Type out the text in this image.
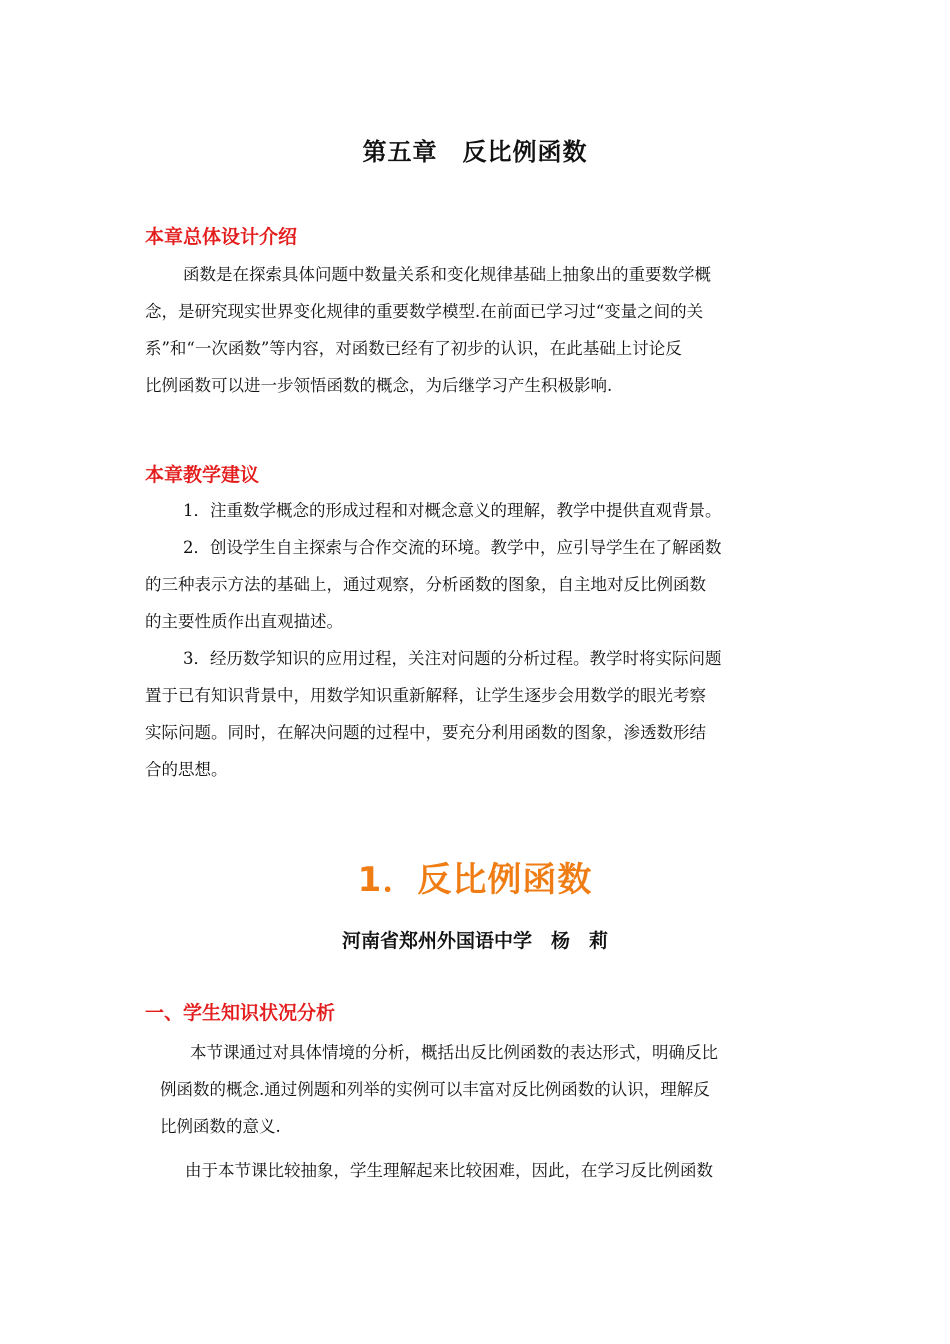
第五章　反比例函数
本章总体设计介绍
函数是在探索具体问题中数量关系和变化规律基础上抽象出的重要数学概
念，是研究现实世界变化规律的重要数学模型.在前面已学习过“变量之间的关
系”和“一次函数”等内容，对函数已经有了初步的认识，在此基础上讨论反
比例函数可以进一步领悟函数的概念，为后继学习产生积极影响.
本章教学建议
1．注重数学概念的形成过程和对概念意义的理解，教学中提供直观背景。
2．创设学生自主探索与合作交流的环境。教学中，应引导学生在了解函数
的三种表示方法的基础上，通过观察，分析函数的图象，自主地对反比例函数
的主要性质作出直观描述。
3．经历数学知识的应用过程，关注对问题的分析过程。教学时将实际问题
置于已有知识背景中，用数学知识重新解释，让学生逐步会用数学的眼光考察
实际问题。同时，在解决问题的过程中，要充分利用函数的图象，渗透数形结
合的思想。
1．反比例函数
河南省郑州外国语中学　杨　莉
一、学生知识状况分析
本节课通过对具体情境的分析，概括出反比例函数的表达形式，明确反比
例函数的概念.通过例题和列举的实例可以丰富对反比例函数的认识，理解反
比例函数的意义.
由于本节课比较抽象，学生理解起来比较困难，因此，在学习反比例函数
